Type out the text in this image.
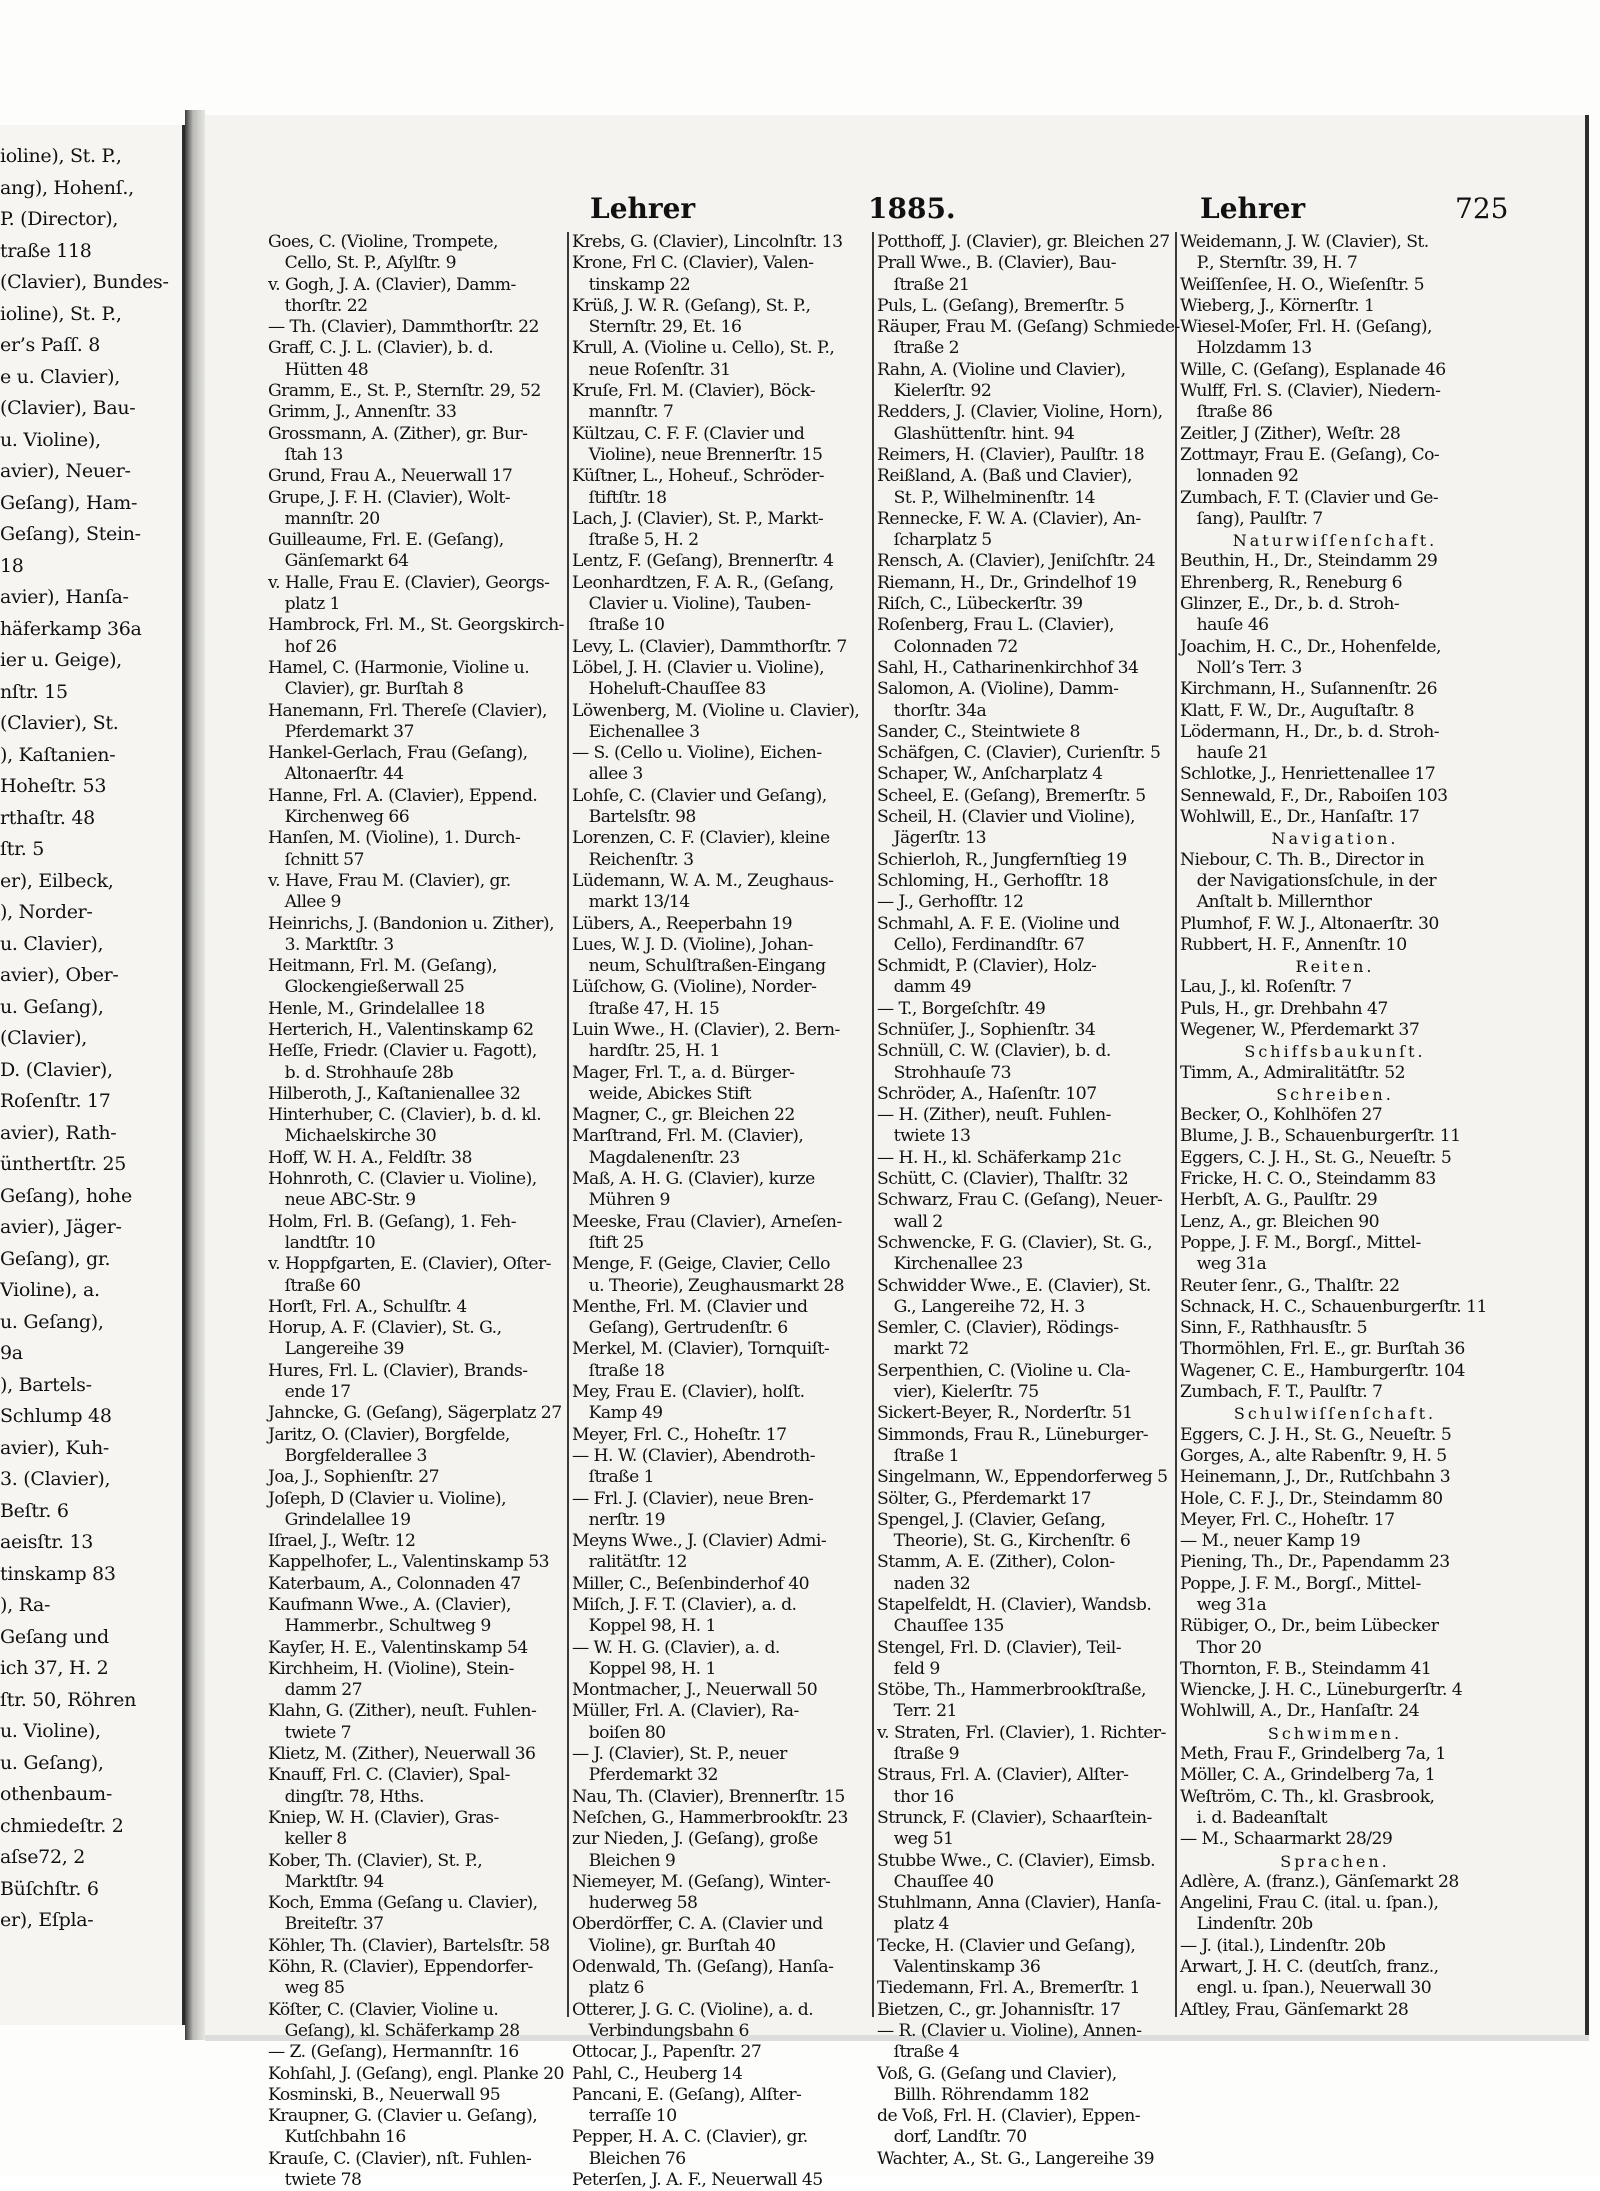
ioline), St. P.,
ang), Hohenſ.,
P. (Director),
traße 118
(Clavier), Bundes-
ioline), St. P.,
er’s Paſſ. 8
e u. Clavier),
(Clavier), Bau-
u. Violine),
avier), Neuer-
Geſang), Ham-
Geſang), Stein-
18
avier), Hanſa-
häferkamp 36a
ier u. Geige),
nſtr. 15
(Clavier), St.
), Kaſtanien-
Hoheſtr. 53
rthaſtr. 48
ſtr. 5
er), Eilbeck,
), Norder-
u. Clavier),
avier), Ober-
u. Geſang),
(Clavier),
D. (Clavier),
Roſenſtr. 17
avier), Rath-
ünthertſtr. 25
Geſang), hohe
avier), Jäger-
Geſang), gr.
Violine), a.
u. Geſang),
9a
), Bartels-
Schlump 48
avier), Kuh-
3. (Clavier),
Beſtr. 6
aeisſtr. 13
tinskamp 83
), Ra-
Geſang und
ich 37, H. 2
ſtr. 50, Röhren
u. Violine),
u. Geſang),
othenbaum-
chmiedeſtr. 2
aſse72, 2
Büſchſtr. 6
er), Eſpla-
Lehrer	1885.	Lehrer	725

Goes, C. (Violine, Trompete,

 Cello, St. P., Aſylſtr. 9

v. Gogh, J. A. (Clavier), Damm-

 thorſtr. 22

— Th. (Clavier), Dammthorſtr. 22

Graff, C. J. L. (Clavier), b. d.

 Hütten 48

Gramm, E., St. P., Sternſtr. 29, 52

Grimm, J., Annenſtr. 33

Grossmann, A. (Zither), gr. Bur-

 ſtah 13

Grund, Frau A., Neuerwall 17

Grupe, J. F. H. (Clavier), Wolt-

 mannſtr. 20

Guilleaume, Frl. E. (Geſang),

 Gänſemarkt 64

v. Halle, Frau E. (Clavier), Georgs-

 platz 1

Hambrock, Frl. M., St. Georgskirch-

 hof 26

Hamel, C. (Harmonie, Violine u.

 Clavier), gr. Burſtah 8

Hanemann, Frl. Thereſe (Clavier),

 Pferdemarkt 37

Hankel-Gerlach, Frau (Geſang),

 Altonaerſtr. 44

Hanne, Frl. A. (Clavier), Eppend.

 Kirchenweg 66

Hanſen, M. (Violine), 1. Durch-

 ſchnitt 57

v. Have, Frau M. (Clavier), gr.

 Allee 9

Heinrichs, J. (Bandonion u. Zither),

 3. Marktſtr. 3

Heitmann, Frl. M. (Geſang),

 Glockengießerwall 25

Henle, M., Grindelallee 18

Herterich, H., Valentinskamp 62

Heſſe, Friedr. (Clavier u. Fagott),

 b. d. Strohhauſe 28b

Hilberoth, J., Kaſtanienallee 32

Hinterhuber, C. (Clavier), b. d. kl.

 Michaelskirche 30

Hoff, W. H. A., Feldſtr. 38

Hohnroth, C. (Clavier u. Violine),

 neue ABC-Str. 9

Holm, Frl. B. (Geſang), 1. Feh-

 landtſtr. 10

v. Hoppfgarten, E. (Clavier), Oſter-

 ſtraße 60

Horſt, Frl. A., Schulſtr. 4

Horup, A. F. (Clavier), St. G.,

 Langereihe 39

Hures, Frl. L. (Clavier), Brands-

 ende 17

Jahncke, G. (Geſang), Sägerplatz 27

Jaritz, O. (Clavier), Borgfelde,

 Borgfelderallee 3

Joa, J., Sophienſtr. 27

Joſeph, D (Clavier u. Violine),

 Grindelallee 19

Iſrael, J., Weſtr. 12

Kappelhofer, L., Valentinskamp 53

Katerbaum, A., Colonnaden 47

Kaufmann Wwe., A. (Clavier),

 Hammerbr., Schultweg 9

Kayſer, H. E., Valentinskamp 54

Kirchheim, H. (Violine), Stein-

 damm 27

Klahn, G. (Zither), neuſt. Fuhlen-

 twiete 7

Klietz, M. (Zither), Neuerwall 36

Knauff, Frl. C. (Clavier), Spal-

 dingſtr. 78, Hths.

Kniep, W. H. (Clavier), Gras-

 keller 8

Kober, Th. (Clavier), St. P.,

 Marktſtr. 94

Koch, Emma (Geſang u. Clavier),

 Breiteſtr. 37

Köhler, Th. (Clavier), Bartelsſtr. 58

Köhn, R. (Clavier), Eppendorfer-

 weg 85

Köſter, C. (Clavier, Violine u.

 Geſang), kl. Schäferkamp 28

— Z. (Geſang), Hermannſtr. 16

Kohſahl, J. (Geſang), engl. Planke 20

Kosminski, B., Neuerwall 95

Kraupner, G. (Clavier u. Geſang),

 Kutſchbahn 16

Krauſe, C. (Clavier), nſt. Fuhlen-

 twiete 78

Krebs, G. (Clavier), Lincolnſtr. 13

Krone, Frl C. (Clavier), Valen-

 tinskamp 22

Krüß, J. W. R. (Geſang), St. P.,

 Sternſtr. 29, Et. 16

Krull, A. (Violine u. Cello), St. P.,

 neue Roſenſtr. 31

Kruſe, Frl. M. (Clavier), Böck-

 mannſtr. 7

Kültzau, C. F. F. (Clavier und

 Violine), neue Brennerſtr. 15

Küſtner, L., Hoheuf., Schröder-

 ſtiftſtr. 18

Lach, J. (Clavier), St. P., Markt-

 ſtraße 5, H. 2

Lentz, F. (Geſang), Brennerſtr. 4

Leonhardtzen, F. A. R., (Geſang,

 Clavier u. Violine), Tauben-

 ſtraße 10

Levy, L. (Clavier), Dammthorſtr. 7

Löbel, J. H. (Clavier u. Violine),

 Hoheluft-Chauſſee 83

Löwenberg, M. (Violine u. Clavier),

 Eichenallee 3

— S. (Cello u. Violine), Eichen-

 allee 3

Lohſe, C. (Clavier und Geſang),

 Bartelsſtr. 98

Lorenzen, C. F. (Clavier), kleine

 Reichenſtr. 3

Lüdemann, W. A. M., Zeughaus-

 markt 13/14

Lübers, A., Reeperbahn 19

Lues, W. J. D. (Violine), Johan-

 neum, Schulſtraßen-Eingang

Lüſchow, G. (Violine), Norder-

 ſtraße 47, H. 15

Luin Wwe., H. (Clavier), 2. Bern-

 hardſtr. 25, H. 1

Mager, Frl. T., a. d. Bürger-

 weide, Abickes Stift

Magner, C., gr. Bleichen 22

Marſtrand, Frl. M. (Clavier),

 Magdalenenſtr. 23

Maß, A. H. G. (Clavier), kurze

 Mühren 9

Meeske, Frau (Clavier), Arneſen-

 ſtift 25

Menge, F. (Geige, Clavier, Cello

 u. Theorie), Zeughausmarkt 28

Menthe, Frl. M. (Clavier und

 Geſang), Gertrudenſtr. 6

Merkel, M. (Clavier), Tornquiſt-

 ſtraße 18

Mey, Frau E. (Clavier), holſt.

 Kamp 49

Meyer, Frl. C., Hoheſtr. 17

— H. W. (Clavier), Abendroth-

 ſtraße 1

— Frl. J. (Clavier), neue Bren-

 nerſtr. 19

Meyns Wwe., J. (Clavier) Admi-

 ralitätſtr. 12

Miller, C., Beſenbinderhof 40

Miſch, J. F. T. (Clavier), a. d.

 Koppel 98, H. 1

— W. H. G. (Clavier), a. d.

 Koppel 98, H. 1

Montmacher, J., Neuerwall 50

Müller, Frl. A. (Clavier), Ra-

 boiſen 80

— J. (Clavier), St. P., neuer

 Pferdemarkt 32

Nau, Th. (Clavier), Brennerſtr. 15

Neſchen, G., Hammerbrookſtr. 23

zur Nieden, J. (Geſang), große

 Bleichen 9

Niemeyer, M. (Geſang), Winter-

 huderweg 58

Oberdörffer, C. A. (Clavier und

 Violine), gr. Burſtah 40

Odenwald, Th. (Geſang), Hanſa-

 platz 6

Otterer, J. G. C. (Violine), a. d.

 Verbindungsbahn 6

Ottocar, J., Papenſtr. 27

Pahl, C., Heuberg 14

Pancani, E. (Geſang), Alſter-

 terraſſe 10

Pepper, H. A. C. (Clavier), gr.

 Bleichen 76

Peterſen, J. A. F., Neuerwall 45

Potthoff, J. (Clavier), gr. Bleichen 27

Prall Wwe., B. (Clavier), Bau-

 ſtraße 21

Puls, L. (Geſang), Bremerſtr. 5

Räuper, Frau M. (Geſang) Schmiede-

 ſtraße 2

Rahn, A. (Violine und Clavier),

 Kielerſtr. 92

Redders, J. (Clavier, Violine, Horn),

 Glashüttenſtr. hint. 94

Reimers, H. (Clavier), Paulſtr. 18

Reißland, A. (Baß und Clavier),

 St. P., Wilhelminenſtr. 14

Rennecke, F. W. A. (Clavier), An-

 ſcharplatz 5

Rensch, A. (Clavier), Jeniſchſtr. 24

Riemann, H., Dr., Grindelhof 19

Riſch, C., Lübeckerſtr. 39

Roſenberg, Frau L. (Clavier),

 Colonnaden 72

Sahl, H., Catharinenkirchhof 34

Salomon, A. (Violine), Damm-

 thorſtr. 34a

Sander, C., Steintwiete 8

Schäfgen, C. (Clavier), Curienſtr. 5

Schaper, W., Anſcharplatz 4

Scheel, E. (Geſang), Bremerſtr. 5

Scheil, H. (Clavier und Violine),

 Jägerſtr. 13

Schierloh, R., Jungfernſtieg 19

Schloming, H., Gerhofſtr. 18

— J., Gerhofſtr. 12

Schmahl, A. F. E. (Violine und

 Cello), Ferdinandſtr. 67

Schmidt, P. (Clavier), Holz-

 damm 49

— T., Borgeſchſtr. 49

Schnüſer, J., Sophienſtr. 34

Schnüll, C. W. (Clavier), b. d.

 Strohhauſe 73

Schröder, A., Haſenſtr. 107

— H. (Zither), neuſt. Fuhlen-

 twiete 13

— H. H., kl. Schäferkamp 21c

Schütt, C. (Clavier), Thalſtr. 32

Schwarz, Frau C. (Geſang), Neuer-

 wall 2

Schwencke, F. G. (Clavier), St. G.,

 Kirchenallee 23

Schwidder Wwe., E. (Clavier), St.

 G., Langereihe 72, H. 3

Semler, C. (Clavier), Rödings-

 markt 72

Serpenthien, C. (Violine u. Cla-

 vier), Kielerſtr. 75

Sickert-Beyer, R., Norderſtr. 51

Simmonds, Frau R., Lüneburger-

 ſtraße 1

Singelmann, W., Eppendorferweg 5

Sölter, G., Pferdemarkt 17

Spengel, J. (Clavier, Geſang,

 Theorie), St. G., Kirchenſtr. 6

Stamm, A. E. (Zither), Colon-

 naden 32

Stapelfeldt, H. (Clavier), Wandsb.

 Chauſſee 135

Stengel, Frl. D. (Clavier), Teil-

 feld 9

Stöbe, Th., Hammerbrookſtraße,

 Terr. 21

v. Straten, Frl. (Clavier), 1. Richter-

 ſtraße 9

Straus, Frl. A. (Clavier), Alſter-

 thor 16

Strunck, F. (Clavier), Schaarſtein-

 weg 51

Stubbe Wwe., C. (Clavier), Eimsb.

 Chauſſee 40

Stuhlmann, Anna (Clavier), Hanſa-

 platz 4

Tecke, H. (Clavier und Geſang),

 Valentinskamp 36

Tiedemann, Frl. A., Bremerſtr. 1

Bietzen, C., gr. Johannisſtr. 17

— R. (Clavier u. Violine), Annen-

 ſtraße 4

Voß, G. (Geſang und Clavier),

 Billh. Röhrendamm 182

de Voß, Frl. H. (Clavier), Eppen-

 dorf, Landſtr. 70

Wachter, A., St. G., Langereihe 39

Weidemann, J. W. (Clavier), St.

 P., Sternſtr. 39, H. 7

Weiſſenſee, H. O., Wieſenſtr. 5

Wieberg, J., Körnerſtr. 1

Wiesel-Moſer, Frl. H. (Geſang),

 Holzdamm 13

Wille, C. (Geſang), Esplanade 46

Wulff, Frl. S. (Clavier), Niedern-

 ſtraße 86

Zeitler, J (Zither), Weſtr. 28

Zottmayr, Frau E. (Geſang), Co-

 lonnaden 92

Zumbach, F. T. (Clavier und Ge-

 ſang), Paulſtr. 7

Naturwiſſenſchaft.

Beuthin, H., Dr., Steindamm 29

Ehrenberg, R., Reneburg 6

Glinzer, E., Dr., b. d. Stroh-

 hauſe 46

Joachim, H. C., Dr., Hohenfelde,

 Noll’s Terr. 3

Kirchmann, H., Suſannenſtr. 26

Klatt, F. W., Dr., Auguſtaſtr. 8

Lödermann, H., Dr., b. d. Stroh-

 hauſe 21

Schlotke, J., Henriettenallee 17

Sennewald, F., Dr., Raboiſen 103

Wohlwill, E., Dr., Hanſaſtr. 17

Navigation.

Niebour, C. Th. B., Director in

 der Navigationsſchule, in der

 Anſtalt b. Millernthor

Plumhof, F. W. J., Altonaerſtr. 30

Rubbert, H. F., Annenſtr. 10

Reiten.

Lau, J., kl. Roſenſtr. 7

Puls, H., gr. Drehbahn 47

Wegener, W., Pferdemarkt 37

Schiffsbaukunſt.

Timm, A., Admiralitätſtr. 52

Schreiben.

Becker, O., Kohlhöfen 27

Blume, J. B., Schauenburgerſtr. 11

Eggers, C. J. H., St. G., Neueſtr. 5

Fricke, H. C. O., Steindamm 83

Herbſt, A. G., Paulſtr. 29

Lenz, A., gr. Bleichen 90

Poppe, J. F. M., Borgſ., Mittel-

 weg 31a

Reuter ſenr., G., Thalſtr. 22

Schnack, H. C., Schauenburgerſtr. 11

Sinn, F., Rathhausſtr. 5

Thormöhlen, Frl. E., gr. Burſtah 36

Wagener, C. E., Hamburgerſtr. 104

Zumbach, F. T., Paulſtr. 7

Schulwiſſenſchaft.

Eggers, C. J. H., St. G., Neueſtr. 5

Gorges, A., alte Rabenſtr. 9, H. 5

Heinemann, J., Dr., Rutſchbahn 3

Hole, C. F. J., Dr., Steindamm 80

Meyer, Frl. C., Hoheſtr. 17

— M., neuer Kamp 19

Piening, Th., Dr., Papendamm 23

Poppe, J. F. M., Borgſ., Mittel-

 weg 31a

Rübiger, O., Dr., beim Lübecker

 Thor 20

Thornton, F. B., Steindamm 41

Wiencke, J. H. C., Lüneburgerſtr. 4

Wohlwill, A., Dr., Hanſaſtr. 24

Schwimmen.

Meth, Frau F., Grindelberg 7a, 1

Möller, C. A., Grindelberg 7a, 1

Weſtröm, C. Th., kl. Grasbrook,

 i. d. Badeanſtalt

— M., Schaarmarkt 28/29

Sprachen.

Adlère, A. (franz.), Gänſemarkt 28

Angelini, Frau C. (ital. u. ſpan.),

 Lindenſtr. 20b

— J. (ital.), Lindenſtr. 20b

Arwart, J. H. C. (deutſch, franz.,

 engl. u. ſpan.), Neuerwall 30

Aſtley, Frau, Gänſemarkt 28
